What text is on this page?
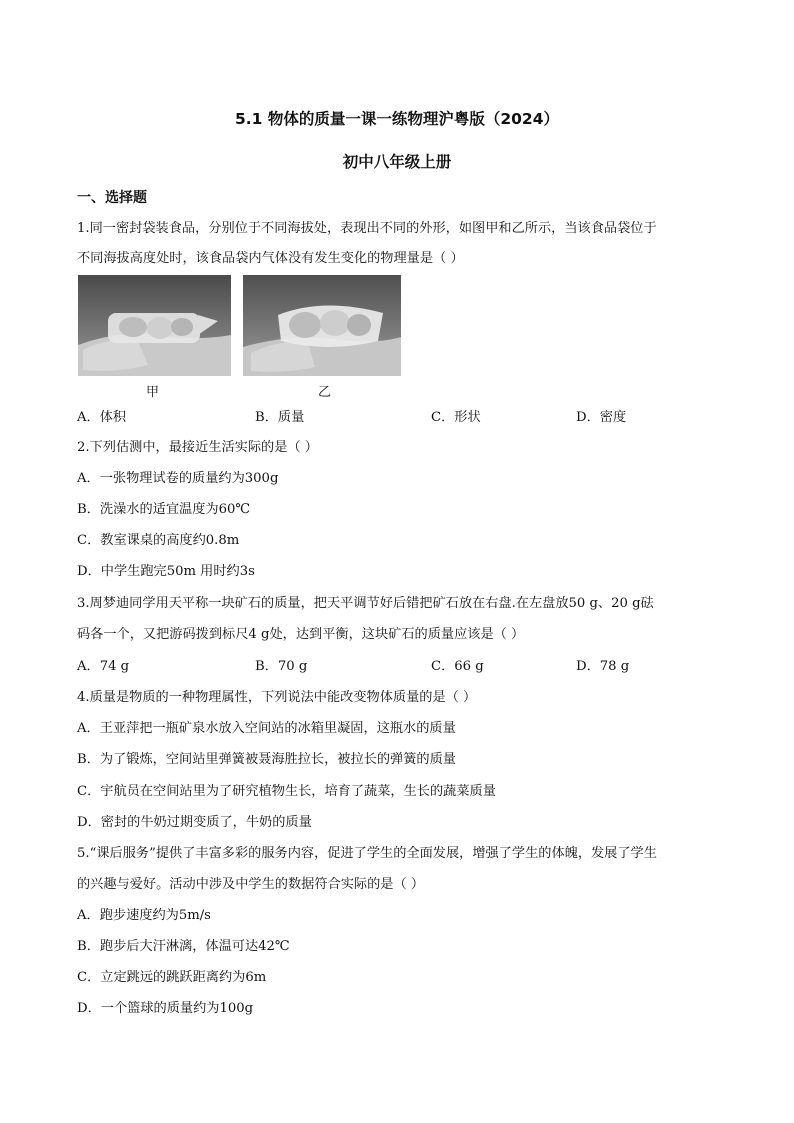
5.1 物体的质量一课一练物理沪粤版（2024）
初中八年级上册
一、选择题
1.同一密封袋装食品，分别位于不同海拔处，表现出不同的外形，如图甲和乙所示，当该食品袋位于
不同海拔高度处时，该食品袋内气体没有发生变化的物理量是（ ）
甲	乙
A．体积	B．质量	C．形状	D．密度
2.下列估测中，最接近生活实际的是（ ）
A．一张物理试卷的质量约为300g
B．洗澡水的适宜温度为60℃
C．教室课桌的高度约0.8m
D．中学生跑完50m 用时约3s
3.周梦迪同学用天平称一块矿石的质量，把天平调节好后错把矿石放在右盘.在左盘放50 g、20 g砝
码各一个，又把游码拨到标尺4 g处，达到平衡，这块矿石的质量应该是（ ）
A．74 g	B．70 g	C．66 g	D．78 g
4.质量是物质的一种物理属性，下列说法中能改变物体质量的是（ ）
A．王亚萍把一瓶矿泉水放入空间站的冰箱里凝固，这瓶水的质量
B．为了锻炼，空间站里弹簧被聂海胜拉长，被拉长的弹簧的质量
C．宇航员在空间站里为了研究植物生长，培育了蔬菜，生长的蔬菜质量
D．密封的牛奶过期变质了，牛奶的质量
5.“课后服务”提供了丰富多彩的服务内容，促进了学生的全面发展，增强了学生的体魄，发展了学生
的兴趣与爱好。活动中涉及中学生的数据符合实际的是（ ）
A．跑步速度约为5m/s
B．跑步后大汗淋漓，体温可达42℃
C．立定跳远的跳跃距离约为6m
D．一个篮球的质量约为100g
